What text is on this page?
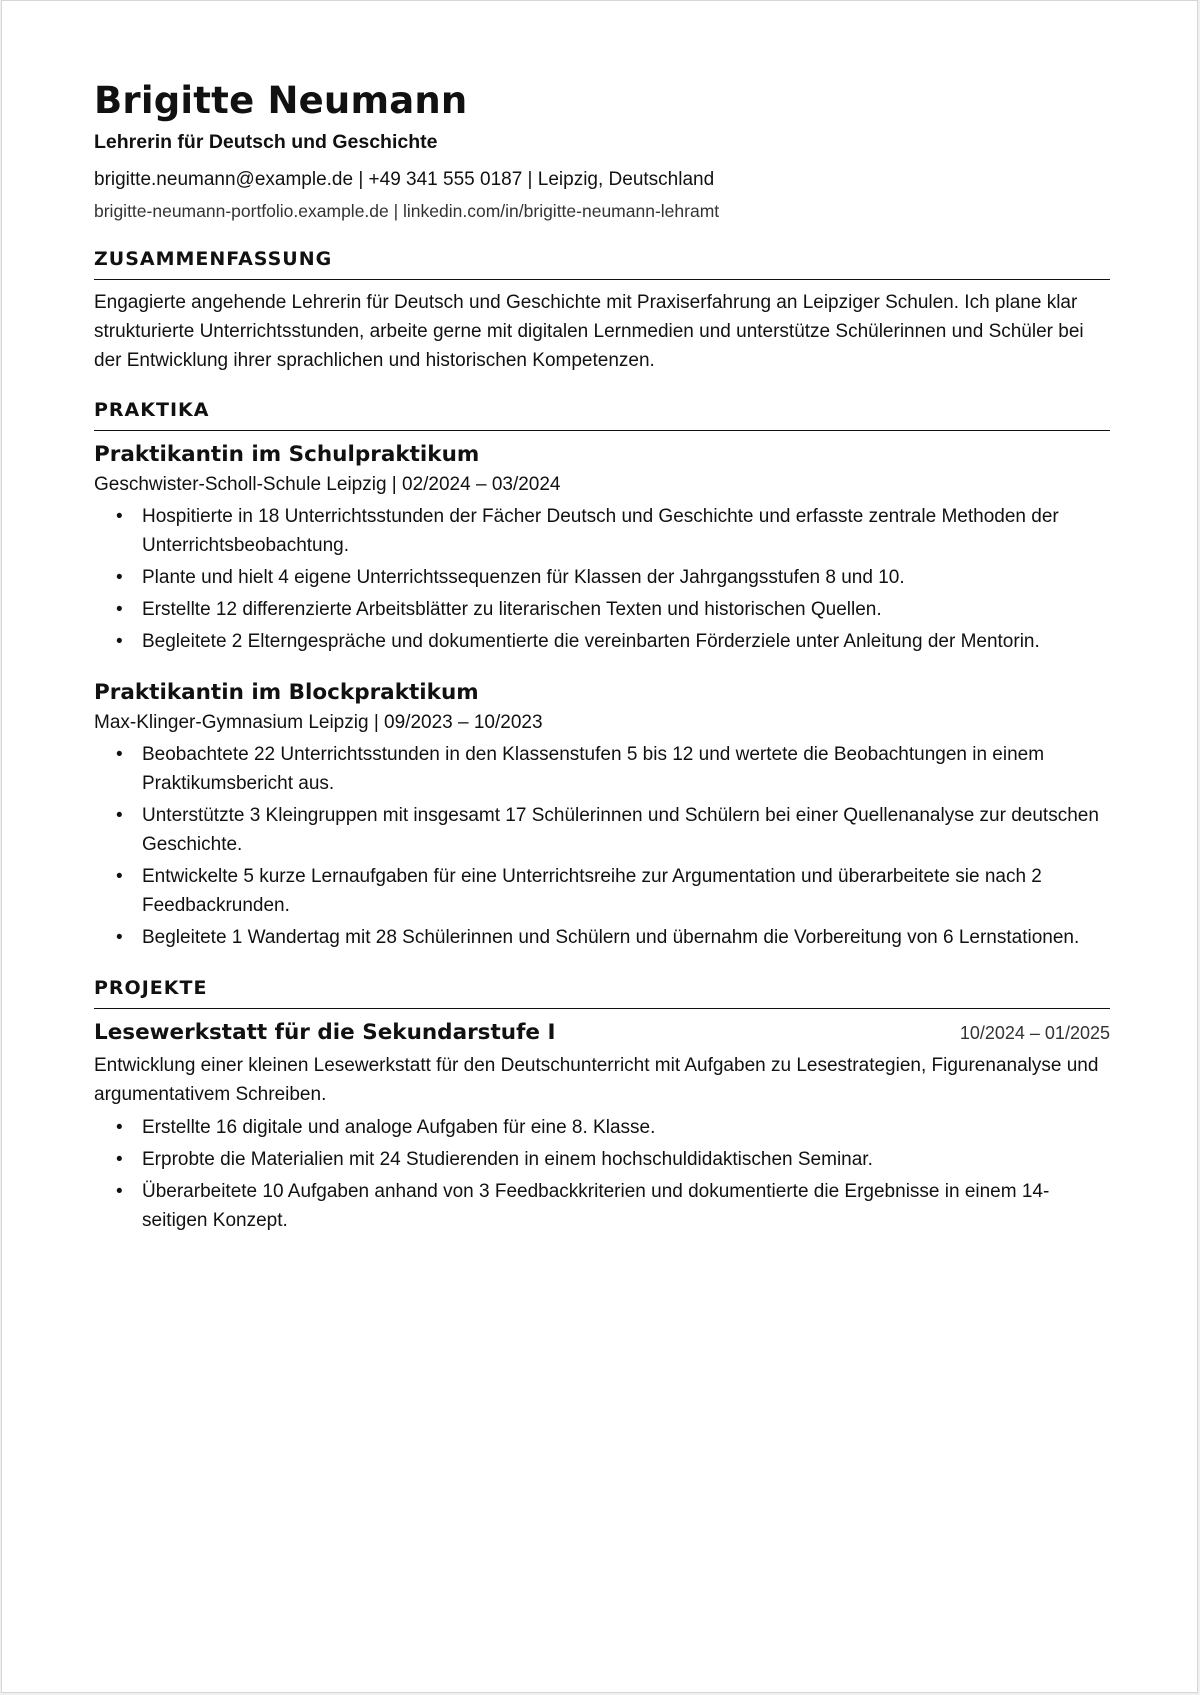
Brigitte Neumann
Lehrerin für Deutsch und Geschichte
brigitte.neumann@example.de | +49 341 555 0187 | Leipzig, Deutschland
brigitte-neumann-portfolio.example.de | linkedin.com/in/brigitte-neumann-lehramt
ZUSAMMENFASSUNG
Engagierte angehende Lehrerin für Deutsch und Geschichte mit Praxiserfahrung an Leipziger Schulen. Ich plane klar strukturierte Unterrichtsstunden, arbeite gerne mit digitalen Lernmedien und unterstütze Schülerinnen und Schüler bei der Entwicklung ihrer sprachlichen und historischen Kompetenzen.
PRAKTIKA
Praktikantin im Schulpraktikum
Geschwister-Scholl-Schule Leipzig | 02/2024 – 03/2024
• Hospitierte in 18 Unterrichtsstunden der Fächer Deutsch und Geschichte und erfasste zentrale Methoden der Unterrichtsbeobachtung.
• Plante und hielt 4 eigene Unterrichtssequenzen für Klassen der Jahrgangsstufen 8 und 10.
• Erstellte 12 differenzierte Arbeitsblätter zu literarischen Texten und historischen Quellen.
• Begleitete 2 Elterngespräche und dokumentierte die vereinbarten Förderziele unter Anleitung der Mentorin.
Praktikantin im Blockpraktikum
Max-Klinger-Gymnasium Leipzig | 09/2023 – 10/2023
• Beobachtete 22 Unterrichtsstunden in den Klassenstufen 5 bis 12 und wertete die Beobachtungen in einem Praktikumsbericht aus.
• Unterstützte 3 Kleingruppen mit insgesamt 17 Schülerinnen und Schülern bei einer Quellenanalyse zur deutschen Geschichte.
• Entwickelte 5 kurze Lernaufgaben für eine Unterrichtsreihe zur Argumentation und überarbeitete sie nach 2 Feedbackrunden.
• Begleitete 1 Wandertag mit 28 Schülerinnen und Schülern und übernahm die Vorbereitung von 6 Lernstationen.
PROJEKTE
Lesewerkstatt für die Sekundarstufe I	10/2024 – 01/2025
Entwicklung einer kleinen Lesewerkstatt für den Deutschunterricht mit Aufgaben zu Lesestrategien, Figurenanalyse und argumentativem Schreiben.
• Erstellte 16 digitale und analoge Aufgaben für eine 8. Klasse.
• Erprobte die Materialien mit 24 Studierenden in einem hochschuldidaktischen Seminar.
• Überarbeitete 10 Aufgaben anhand von 3 Feedbackkriterien und dokumentierte die Ergebnisse in einem 14-seitigen Konzept.
